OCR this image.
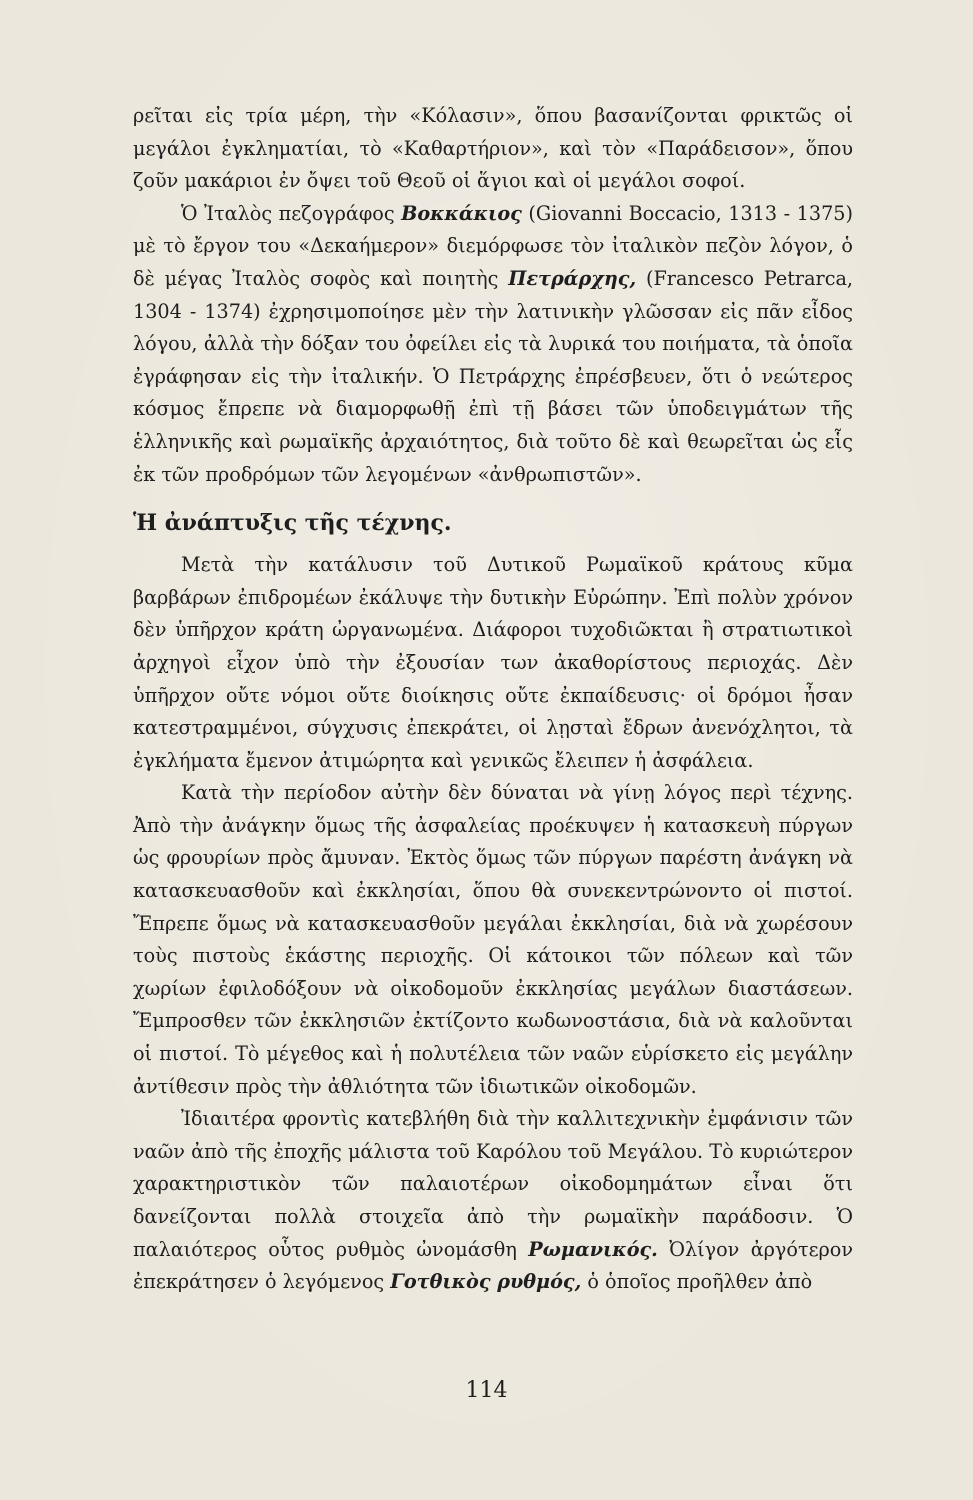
ρεῖται εἰς τρία μέρη, τὴν «Κόλασιν», ὅπου βασανίζονται φρικτῶς οἱ μεγάλοι ἐγκληματίαι, τὸ «Καθαρτήριον», καὶ τὸν «Παράδεισον», ὅπου ζοῦν μακάριοι ἐν ὄψει τοῦ Θεοῦ οἱ ἅγιοι καὶ οἱ μεγάλοι σοφοί.

Ὁ Ἰταλὸς πεζογράφος Βοκκάκιος (Giovanni Boccacio, 1313 - 1375) μὲ τὸ ἔργον του «Δεκαήμερον» διεμόρφωσε τὸν ἰταλικὸν πεζὸν λόγον, ὁ δὲ μέγας Ἰταλὸς σοφὸς καὶ ποιητὴς Πετράρχης, (Francesco Petrarca, 1304 - 1374) ἐχρησιμοποίησε μὲν τὴν λατινικὴν γλῶσσαν εἰς πᾶν εἶδος λόγου, ἀλλὰ τὴν δόξαν του ὀφείλει εἰς τὰ λυρικά του ποιήματα, τὰ ὁποῖα ἐγράφησαν εἰς τὴν ἰταλικήν. Ὁ Πετράρχης ἐπρέσβευεν, ὅτι ὁ νεώτερος κόσμος ἔπρεπε νὰ διαμορφωθῇ ἐπὶ τῇ βάσει τῶν ὑποδειγμάτων τῆς ἑλληνικῆς καὶ ρωμαϊκῆς ἀρχαιότητος, διὰ τοῦτο δὲ καὶ θεωρεῖται ὡς εἷς ἐκ τῶν προδρόμων τῶν λεγομένων «ἀνθρωπιστῶν».

Ἡ ἀνάπτυξις τῆς τέχνης.

Μετὰ τὴν κατάλυσιν τοῦ Δυτικοῦ Ρωμαϊκοῦ κράτους κῦμα βαρβάρων ἐπιδρομέων ἐκάλυψε τὴν δυτικὴν Εὐρώπην. Ἐπὶ πολὺν χρόνον δὲν ὑπῆρχον κράτη ὠργανωμένα. Διάφοροι τυχοδιῶκται ἢ στρατιωτικοὶ ἀρχηγοὶ εἶχον ὑπὸ τὴν ἐξουσίαν των ἀκαθορίστους περιοχάς. Δὲν ὑπῆρχον οὔτε νόμοι οὔτε διοίκησις οὔτε ἐκπαίδευσις· οἱ δρόμοι ἦσαν κατεστραμμένοι, σύγχυσις ἐπεκράτει, οἱ λῃσταὶ ἔδρων ἀνενόχλητοι, τὰ ἐγκλήματα ἔμενον ἀτιμώρητα καὶ γενικῶς ἔλειπεν ἡ ἀσφάλεια.

Κατὰ τὴν περίοδον αὐτὴν δὲν δύναται νὰ γίνῃ λόγος περὶ τέχνης. Ἀπὸ τὴν ἀνάγκην ὅμως τῆς ἀσφαλείας προέκυψεν ἡ κατασκευὴ πύργων ὡς φρουρίων πρὸς ἄμυναν. Ἐκτὸς ὅμως τῶν πύργων παρέστη ἀνάγκη νὰ κατασκευασθοῦν καὶ ἐκκλησίαι, ὅπου θὰ συνεκεντρώνοντο οἱ πιστοί. Ἔπρεπε ὅμως νὰ κατασκευασθοῦν μεγάλαι ἐκκλησίαι, διὰ νὰ χωρέσουν τοὺς πιστοὺς ἑκάστης περιοχῆς. Οἱ κάτοικοι τῶν πόλεων καὶ τῶν χωρίων ἐφιλοδόξουν νὰ οἰκοδομοῦν ἐκκλησίας μεγάλων διαστάσεων. Ἔμπροσθεν τῶν ἐκκλησιῶν ἐκτίζοντο κωδωνοστάσια, διὰ νὰ καλοῦνται οἱ πιστοί. Τὸ μέγεθος καὶ ἡ πολυτέλεια τῶν ναῶν εὑρίσκετο εἰς μεγάλην ἀντίθεσιν πρὸς τὴν ἀθλιότητα τῶν ἰδιωτικῶν οἰκοδομῶν.

Ἰδιαιτέρα φροντὶς κατεβλήθη διὰ τὴν καλλιτεχνικὴν ἐμφάνισιν τῶν ναῶν ἀπὸ τῆς ἐποχῆς μάλιστα τοῦ Καρόλου τοῦ Μεγάλου. Τὸ κυριώτερον χαρακτηριστικὸν τῶν παλαιοτέρων οἰκοδομημάτων εἶναι ὅτι δανείζονται πολλὰ στοιχεῖα ἀπὸ τὴν ρωμαϊκὴν παράδοσιν. Ὁ παλαιότερος οὗτος ρυθμὸς ὠνομάσθη Ρωμανικός. Ὀλίγον ἀργότερον ἐπεκράτησεν ὁ λεγόμενος Γοτθικὸς ρυθμός, ὁ ὁποῖος προῆλθεν ἀπὸ

114
